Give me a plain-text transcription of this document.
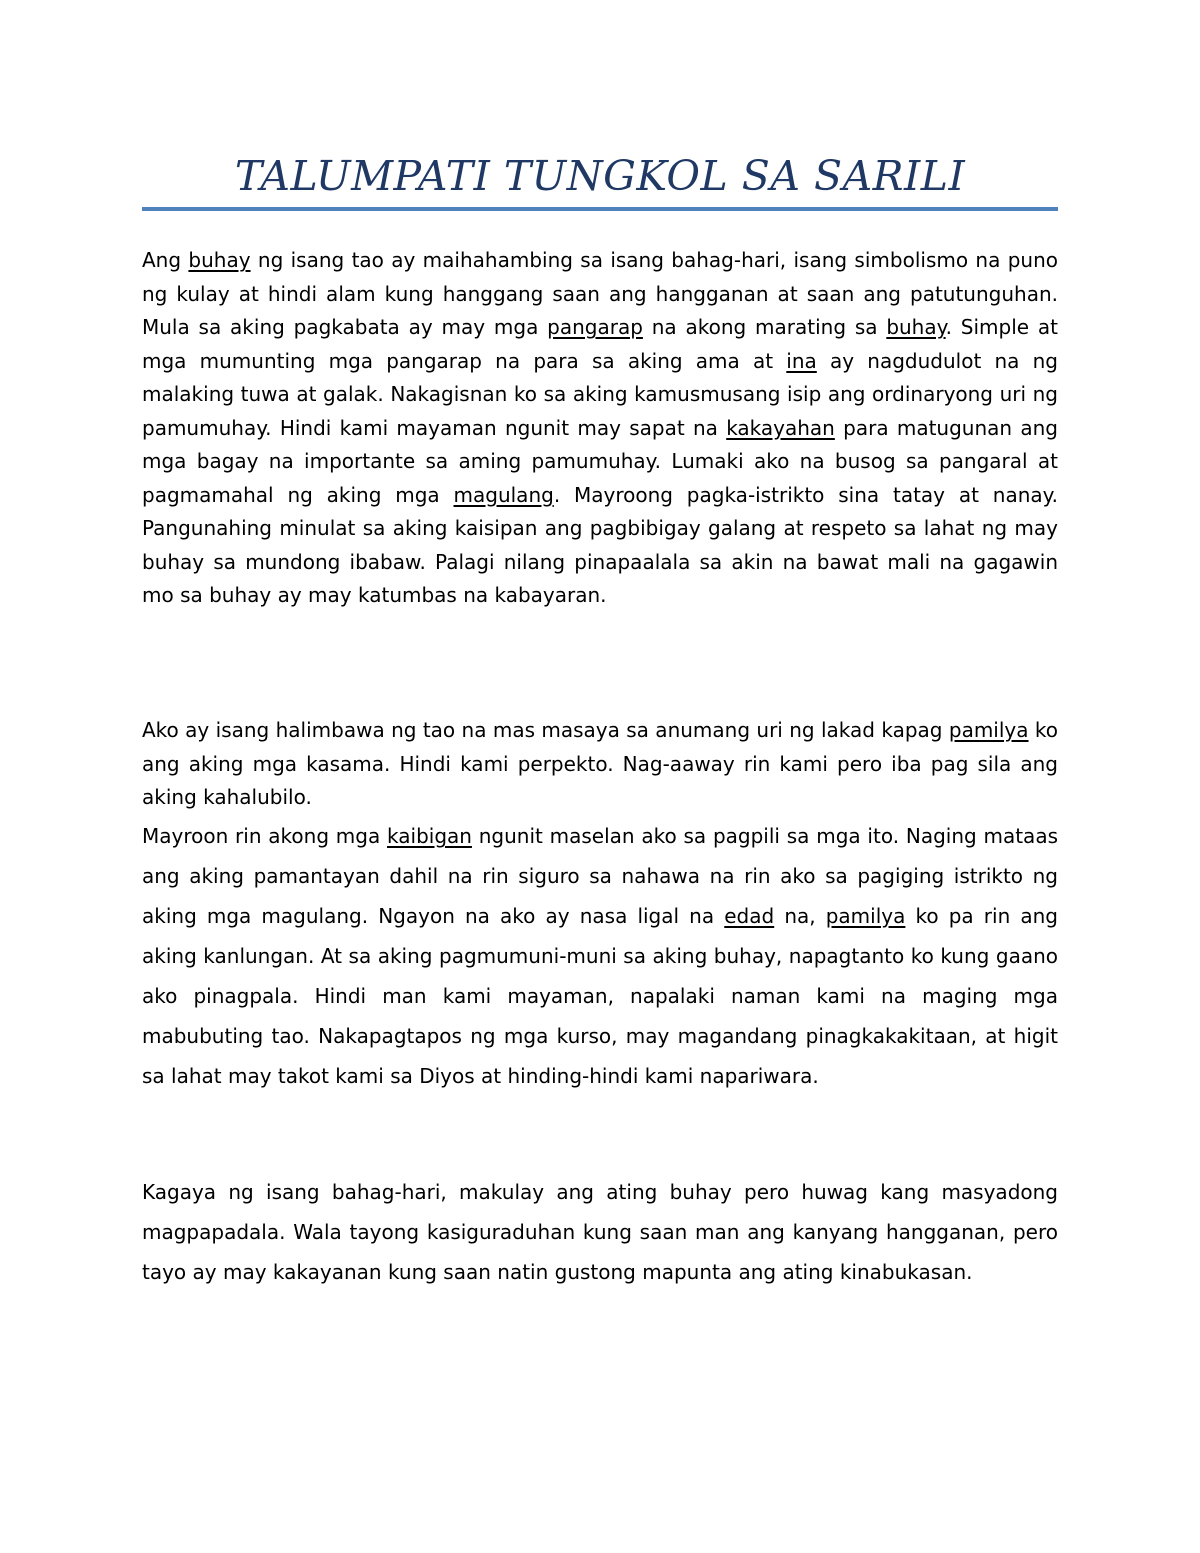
TALUMPATI TUNGKOL SA SARILI

Ang buhay ng isang tao ay maihahambing sa isang bahag-hari, isang simbolismo na puno ng kulay at hindi alam kung hanggang saan ang hangganan at saan ang patutunguhan. Mula sa aking pagkabata ay may mga pangarap na akong marating sa buhay. Simple at mga mumunting mga pangarap na para sa aking ama at ina ay nagdudulot na ng malaking tuwa at galak. Nakagisnan ko sa aking kamusmusang isip ang ordinaryong uri ng pamumuhay. Hindi kami mayaman ngunit may sapat na kakayahan para matugunan ang mga bagay na importante sa aming pamumuhay. Lumaki ako na busog sa pangaral at pagmamahal ng aking mga magulang. Mayroong pagka-istrikto sina tatay at nanay. Pangunahing minulat sa aking kaisipan ang pagbibigay galang at respeto sa lahat ng may buhay sa mundong ibabaw. Palagi nilang pinapaalala sa akin na bawat mali na gagawin mo sa buhay ay may katumbas na kabayaran.

Ako ay isang halimbawa ng tao na mas masaya sa anumang uri ng lakad kapag pamilya ko ang aking mga kasama. Hindi kami perpekto. Nag-aaway rin kami pero iba pag sila ang aking kahalubilo.

Mayroon rin akong mga kaibigan ngunit maselan ako sa pagpili sa mga ito. Naging mataas ang aking pamantayan dahil na rin siguro sa nahawa na rin ako sa pagiging istrikto ng aking mga magulang. Ngayon na ako ay nasa ligal na edad na, pamilya ko pa rin ang aking kanlungan. At sa aking pagmumuni-muni sa aking buhay, napagtanto ko kung gaano ako pinagpala. Hindi man kami mayaman, napalaki naman kami na maging mga mabubuting tao. Nakapagtapos ng mga kurso, may magandang pinagkakakitaan, at higit sa lahat may takot kami sa Diyos at hinding-hindi kami napariwara.

Kagaya ng isang bahag-hari, makulay ang ating buhay pero huwag kang masyadong magpapadala. Wala tayong kasiguraduhan kung saan man ang kanyang hangganan, pero tayo ay may kakayanan kung saan natin gustong mapunta ang ating kinabukasan.
